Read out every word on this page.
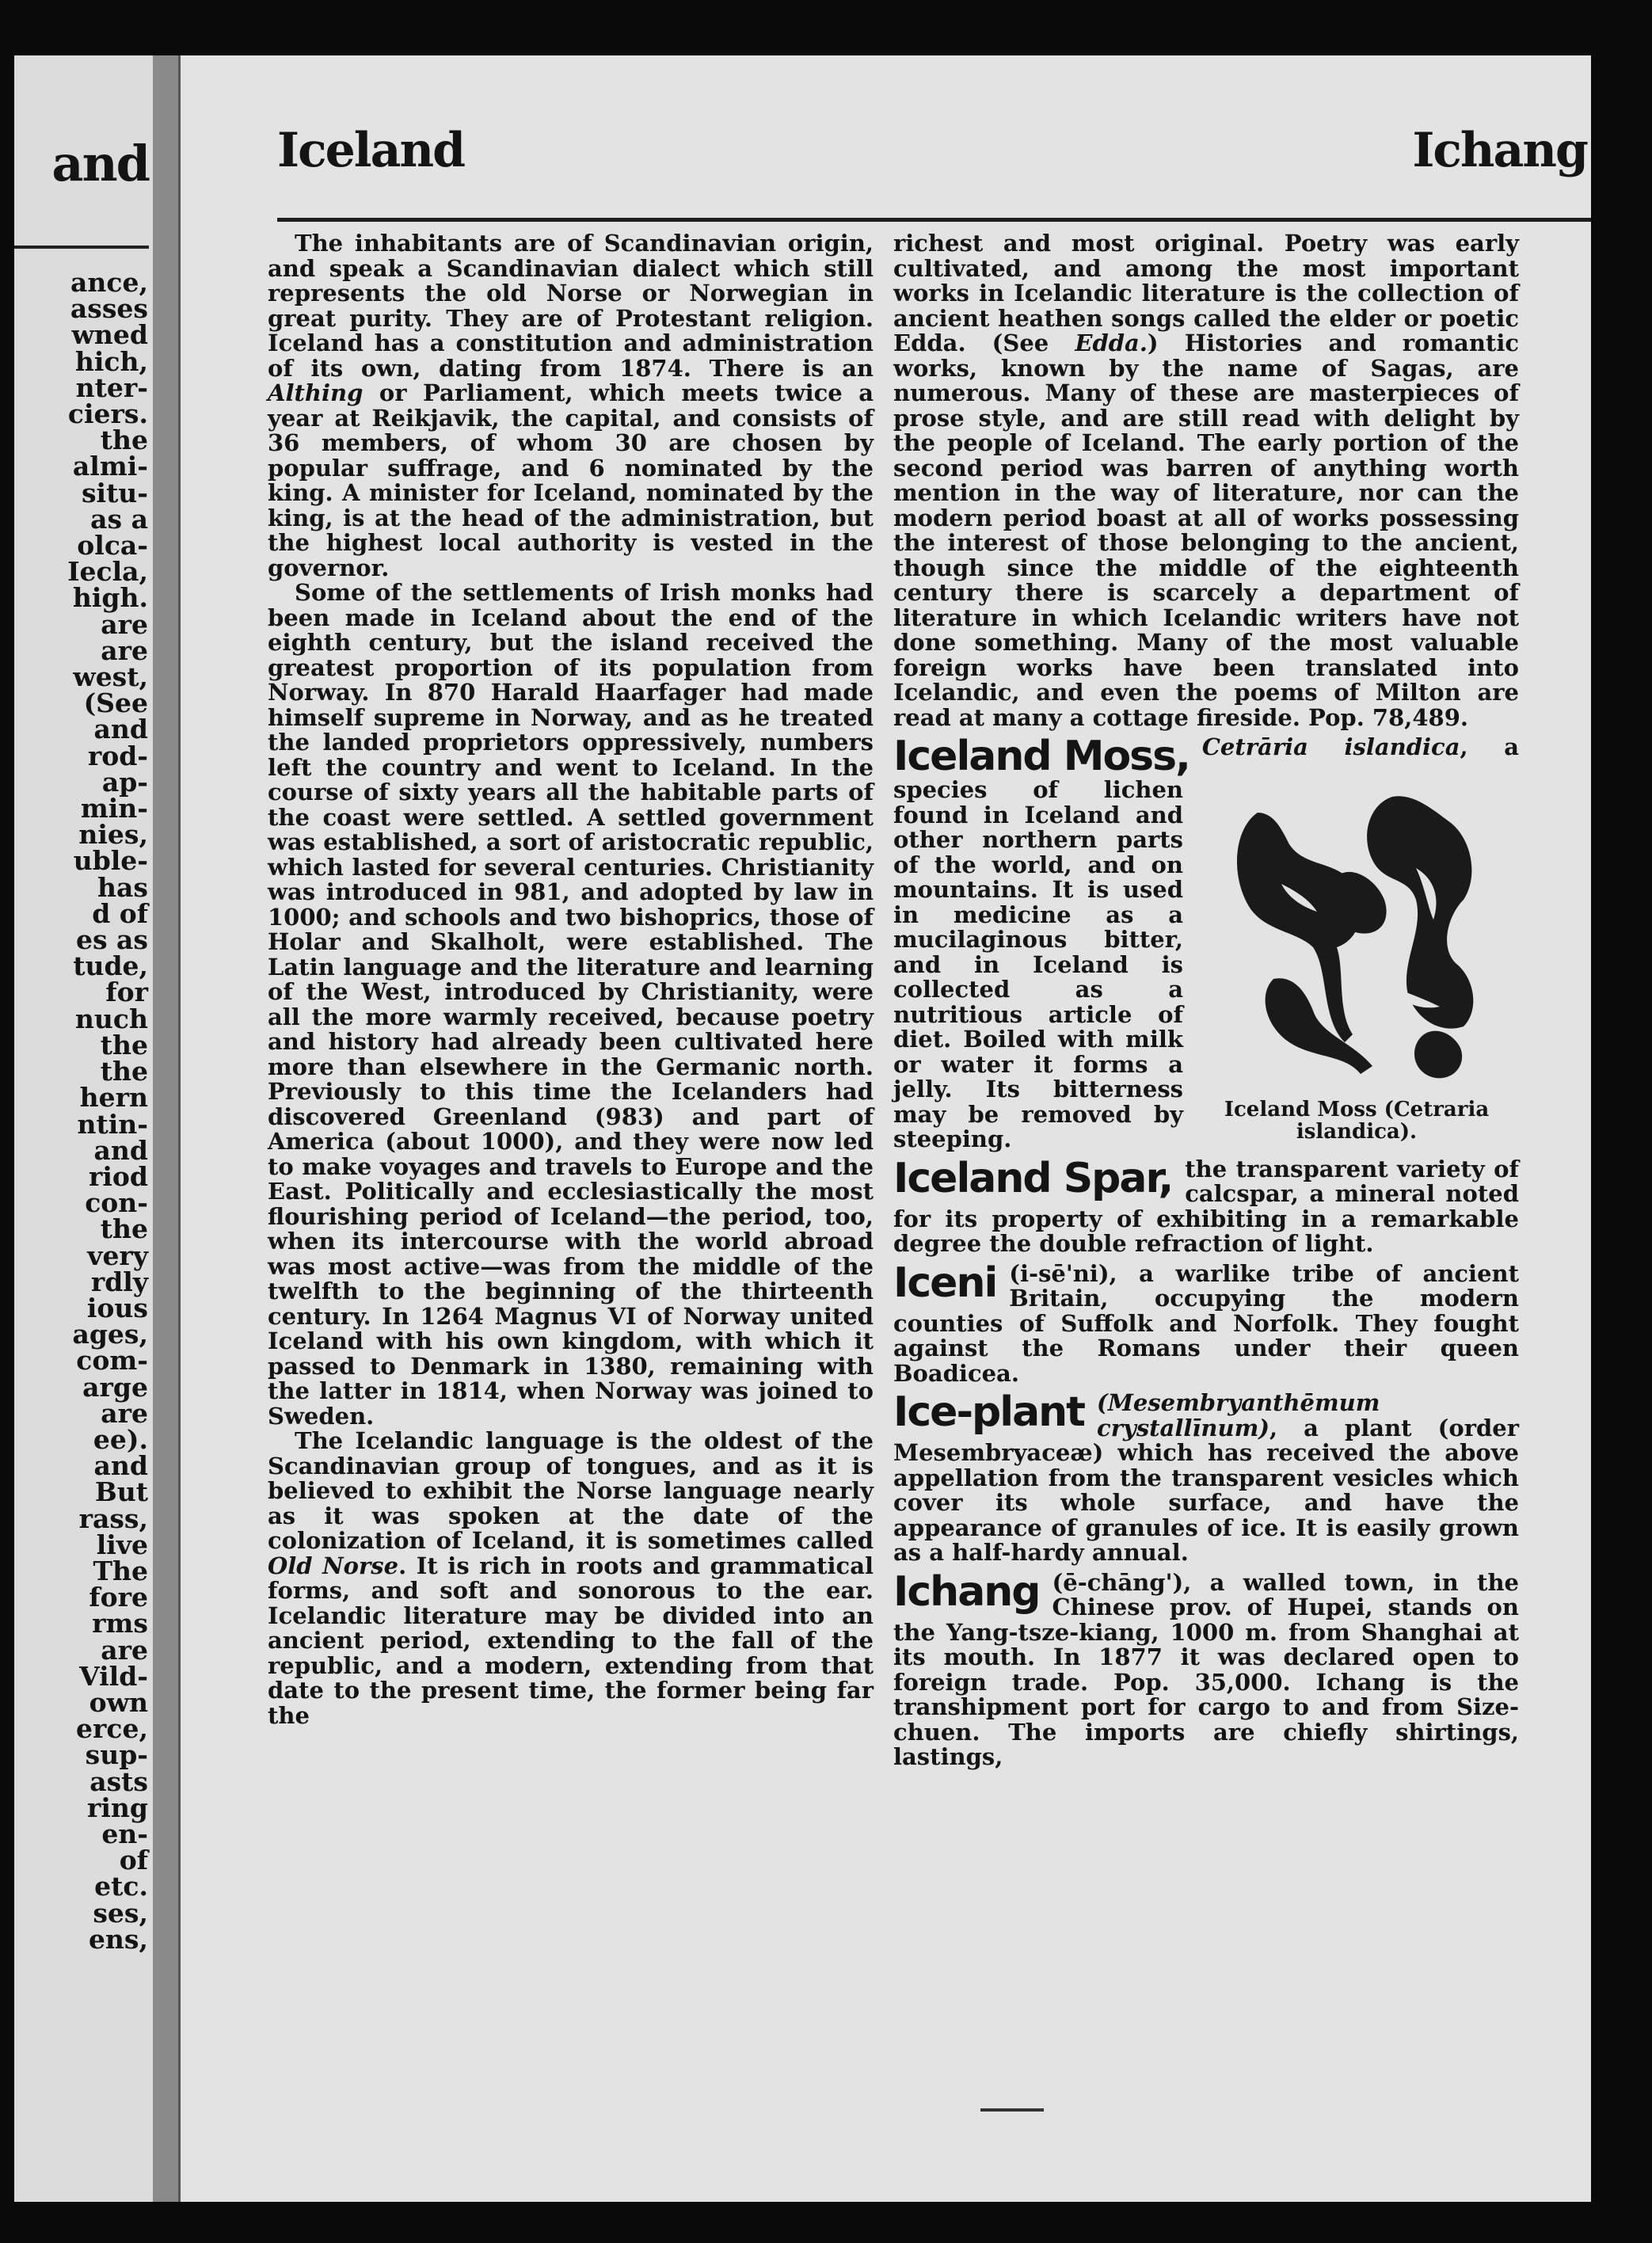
and
ance,
asses
wned
hich,
nter-
ciers.
the
almi-
situ-
as a
olca-
Iecla,
high.
are
are
west,
(See
and
rod-
ap-
min-
nies,
uble-
has
d of
es as
tude,
for
nuch
the
the
hern
ntin-
and
riod
con-
the
very
rdly
ious
ages,
com-
arge
are
ee).
and
But
rass,
live
The
fore
rms
are
Vild-
own
erce,
sup-
asts
ring
en-
of
etc.
ses,
ens,
Iceland	Ichang

The inhabitants are of Scandinavian origin, and speak a Scandinavian dialect which still represents the old Norse or Norwegian in great purity. They are of Protestant religion. Iceland has a constitution and administration of its own, dating from 1874. There is an Althing or Parliament, which meets twice a year at Reikjavik, the capital, and consists of 36 members, of whom 30 are chosen by popular suffrage, and 6 nominated by the king. A minister for Iceland, nominated by the king, is at the head of the administration, but the highest local authority is vested in the governor.

Some of the settlements of Irish monks had been made in Iceland about the end of the eighth century, but the island received the greatest proportion of its population from Norway. In 870 Harald Haarfager had made himself supreme in Norway, and as he treated the landed proprietors oppressively, numbers left the country and went to Iceland. In the course of sixty years all the habitable parts of the coast were settled. A settled government was established, a sort of aristocratic republic, which lasted for several centuries. Christianity was introduced in 981, and adopted by law in 1000; and schools and two bishoprics, those of Holar and Skalholt, were established. The Latin language and the literature and learning of the West, introduced by Christianity, were all the more warmly received, because poetry and history had already been cultivated here more than elsewhere in the Germanic north. Previously to this time the Icelanders had discovered Greenland (983) and part of America (about 1000), and they were now led to make voyages and travels to Europe and the East. Politically and ecclesiastically the most flourishing period of Iceland—the period, too, when its intercourse with the world abroad was most active—was from the middle of the twelfth to the beginning of the thirteenth century. In 1264 Magnus VI of Norway united Iceland with his own kingdom, with which it passed to Denmark in 1380, remaining with the latter in 1814, when Norway was joined to Sweden.

The Icelandic language is the oldest of the Scandinavian group of tongues, and as it is believed to exhibit the Norse language nearly as it was spoken at the date of the colonization of Iceland, it is sometimes called Old Norse. It is rich in roots and grammatical forms, and soft and sonorous to the ear. Icelandic literature may be divided into an ancient period, extending to the fall of the republic, and a modern, extending from that date to the present time, the former being far the

richest and most original. Poetry was early cultivated, and among the most important works in Icelandic literature is the collection of ancient heathen songs called the elder or poetic Edda. (See Edda.) Histories and romantic works, known by the name of Sagas, are numerous. Many of these are masterpieces of prose style, and are still read with delight by the people of Iceland. The early portion of the second period was barren of anything worth mention in the way of literature, nor can the modern period boast at all of works possessing the interest of those belonging to the ancient, though since the middle of the eighteenth century there is scarcely a department of literature in which Icelandic writers have not done something. Many of the most valuable foreign works have been translated into Icelandic, and even the poems of Milton are read at many a cottage fireside. Pop. 78,489.

Iceland Moss,
Iceland Moss (Cetraria islandica).
Cetrāria islandica, a species of lichen found in Iceland and other northern parts of the world, and on mountains. It is used in medicine as a mucilaginous bitter, and in Iceland is collected as a nutritious article of diet. Boiled with milk or water it forms a jelly. Its bitterness may be removed by steeping.
Iceland Spar, the transparent variety of calcspar, a mineral noted for its property of exhibiting in a remarkable degree the double refraction of light.
Iceni (i-sē'ni), a warlike tribe of ancient Britain, occupying the modern counties of Suffolk and Norfolk. They fought against the Romans under their queen Boadicea.
Ice-plant (Mesembryanthēmum crystallīnum), a plant (order Mesembryaceæ) which has received the above appellation from the transparent vesicles which cover its whole surface, and have the appearance of granules of ice. It is easily grown as a half-hardy annual.
Ichang (ē-chāng'), a walled town, in the Chinese prov. of Hupei, stands on the Yang-tsze-kiang, 1000 m. from Shanghai at its mouth. In 1877 it was declared open to foreign trade. Pop. 35,000. Ichang is the transhipment port for cargo to and from Size-chuen. The imports are chiefly shirtings, lastings,
